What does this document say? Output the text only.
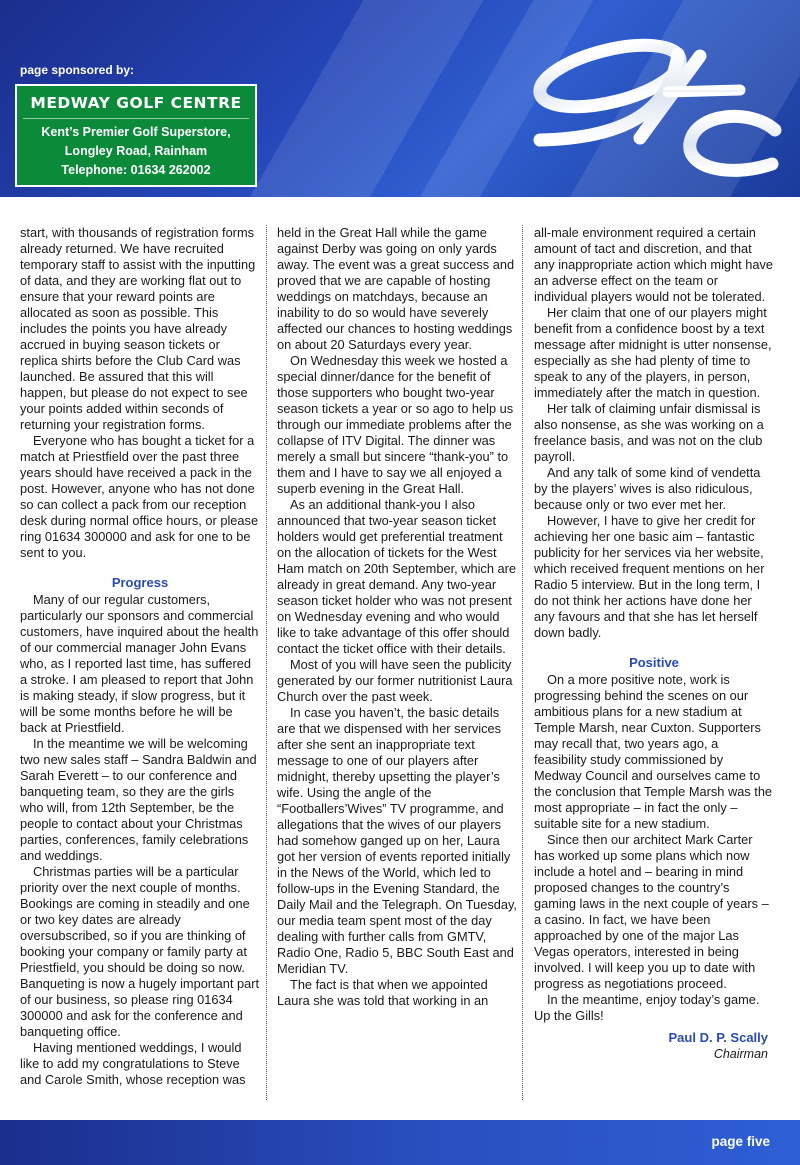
page sponsored by:
MEDWAY GOLF CENTRE
Kent’s Premier Golf Superstore,
Longley Road, Rainham
Telephone: 01634 262002

start, with thousands of registration forms already returned. We have recruited temporary staff to assist with the inputting of data, and they are working flat out to ensure that your reward points are allocated as soon as possible. This includes the points you have already accrued in buying season tickets or replica shirts before the Club Card was launched. Be assured that this will happen, but please do not expect to see your points added within seconds of returning your registration forms.

Everyone who has bought a ticket for a match at Priestfield over the past three years should have received a pack in the post. However, anyone who has not done so can collect a pack from our reception desk during normal office hours, or please ring 01634 300000 and ask for one to be sent to you.

Progress

Many of our regular customers, particularly our sponsors and commercial customers, have inquired about the health of our commercial manager John Evans who, as I reported last time, has suffered a stroke. I am pleased to report that John is making steady, if slow progress, but it will be some months before he will be back at Priestfield.

In the meantime we will be welcoming two new sales staff – Sandra Baldwin and Sarah Everett – to our conference and banqueting team, so they are the girls who will, from 12th September, be the people to contact about your Christmas parties, conferences, family celebrations and weddings.

Christmas parties will be a particular priority over the next couple of months. Bookings are coming in steadily and one or two key dates are already oversubscribed, so if you are thinking of booking your company or family party at Priestfield, you should be doing so now. Banqueting is now a hugely important part of our business, so please ring 01634 300000 and ask for the conference and banqueting office.

Having mentioned weddings, I would like to add my congratulations to Steve and Carole Smith, whose reception was

held in the Great Hall while the game against Derby was going on only yards away. The event was a great success and proved that we are capable of hosting weddings on matchdays, because an inability to do so would have severely affected our chances to hosting weddings on about 20 Saturdays every year.

On Wednesday this week we hosted a special dinner/dance for the benefit of those supporters who bought two-year season tickets a year or so ago to help us through our immediate problems after the collapse of ITV Digital. The dinner was merely a small but sincere “thank-you” to them and I have to say we all enjoyed a superb evening in the Great Hall.

As an additional thank-you I also announced that two-year season ticket holders would get preferential treatment on the allocation of tickets for the West Ham match on 20th September, which are already in great demand. Any two-year season ticket holder who was not present on Wednesday evening and who would like to take advantage of this offer should contact the ticket office with their details.

Most of you will have seen the publicity generated by our former nutritionist Laura Church over the past week.

In case you haven’t, the basic details are that we dispensed with her services after she sent an inappropriate text message to one of our players after midnight, thereby upsetting the player’s wife. Using the angle of the “Footballers’Wives” TV programme, and allegations that the wives of our players had somehow ganged up on her, Laura got her version of events reported initially in the News of the World, which led to follow-ups in the Evening Standard, the Daily Mail and the Telegraph. On Tuesday, our media team spent most of the day dealing with further calls from GMTV, Radio One, Radio 5, BBC South East and Meridian TV.

The fact is that when we appointed Laura she was told that working in an

all-male environment required a certain amount of tact and discretion, and that any inappropriate action which might have an adverse effect on the team or individual players would not be tolerated.

Her claim that one of our players might benefit from a confidence boost by a text message after midnight is utter nonsense, especially as she had plenty of time to speak to any of the players, in person, immediately after the match in question.

Her talk of claiming unfair dismissal is also nonsense, as she was working on a freelance basis, and was not on the club payroll.

And any talk of some kind of vendetta by the players’ wives is also ridiculous, because only or two ever met her.

However, I have to give her credit for achieving her one basic aim – fantastic publicity for her services via her website, which received frequent mentions on her Radio 5 interview. But in the long term, I do not think her actions have done her any favours and that she has let herself down badly.

Positive

On a more positive note, work is progressing behind the scenes on our ambitious plans for a new stadium at Temple Marsh, near Cuxton. Supporters may recall that, two years ago, a feasibility study commissioned by Medway Council and ourselves came to the conclusion that Temple Marsh was the most appropriate – in fact the only – suitable site for a new stadium.

Since then our architect Mark Carter has worked up some plans which now include a hotel and – bearing in mind proposed changes to the country’s gaming laws in the next couple of years – a casino. In fact, we have been approached by one of the major Las Vegas operators, interested in being involved. I will keep you up to date with progress as negotiations proceed.

In the meantime, enjoy today’s game. Up the Gills!

Paul D. P. Scally
Chairman
page five
